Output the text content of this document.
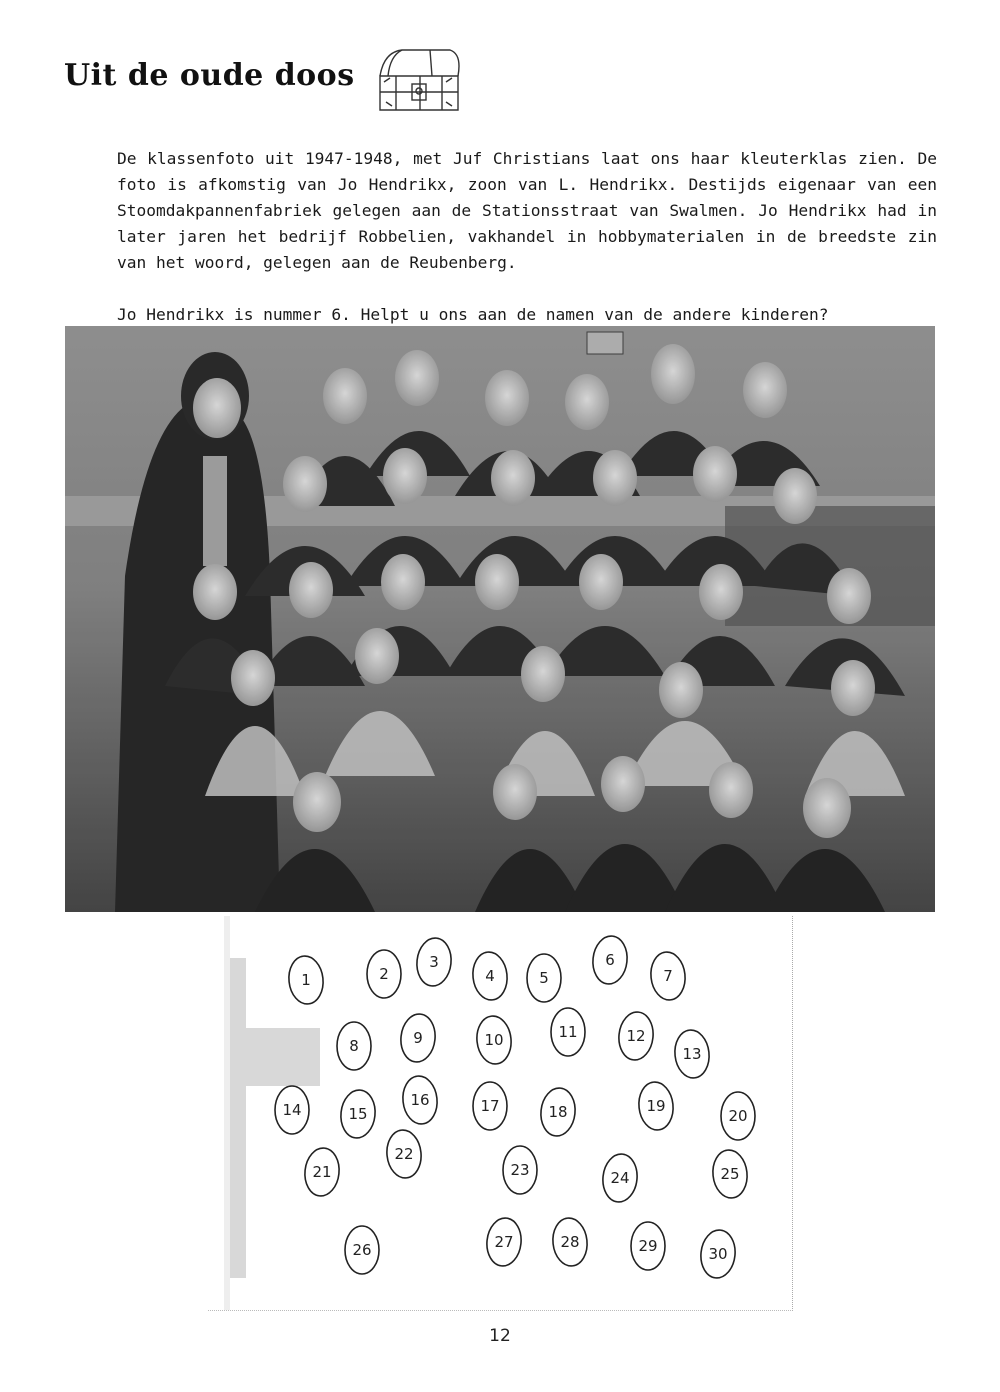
Uit de oude doos

De klassenfoto uit 1947-1948, met Juf Christians laat ons haar kleuterklas zien. De foto is afkomstig van Jo Hendrikx, zoon van L. Hendrikx. Destijds eigenaar van een Stoomdakpannenfabriek gelegen aan de Stationsstraat van Swalmen. Jo Hendrikx had in later jaren het bedrijf Robbelien, vakhandel in hobbymaterialen in de breedste zin van het woord, gelegen aan de Reubenberg.

Jo Hendrikx is nummer 6. Helpt u ons aan de namen van de andere kinderen?

1	2
3
4	5
6
7
8	9	10	11	12
13
14	15
16	17	18	19
20
21
22
23	24	25
26	27	28	29	30
12
